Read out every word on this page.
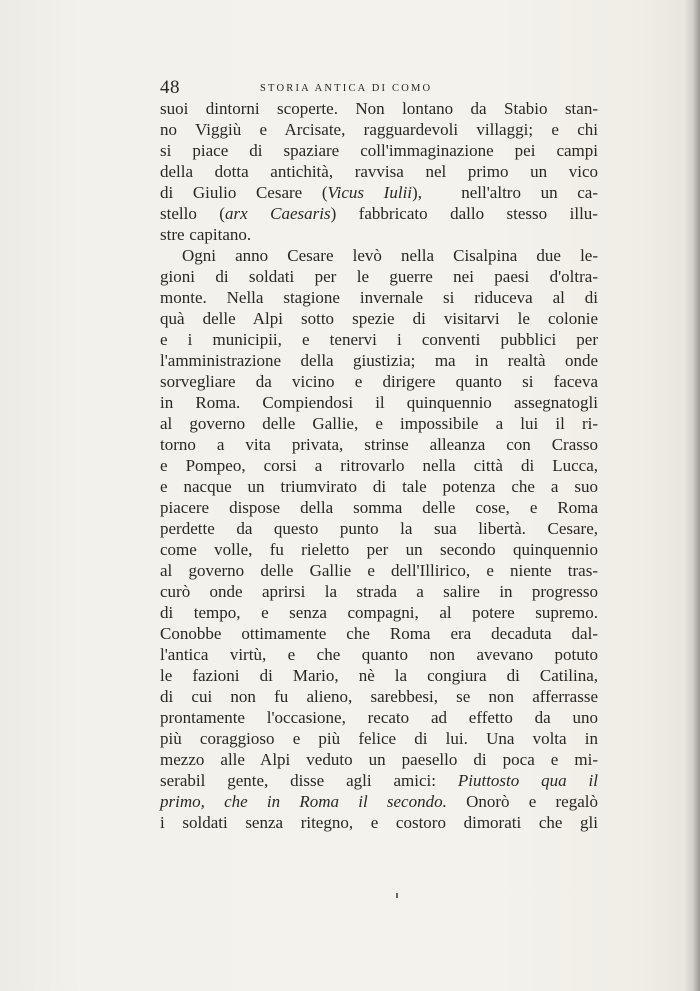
48	STORIA ANTICA DI COMO
suoi dintorni scoperte. Non lontano da Stabio stan-
no Viggiù e Arcisate, ragguardevoli villaggi; e chi
si piace di spaziare coll'immaginazione pei campi
della dotta antichità, ravvisa nel primo un vico
di Giulio Cesare (Vicus Iulii),  nell'altro un ca-
stello (arx Caesaris) fabbricato dallo stesso illu-
stre capitano.
Ogni anno Cesare levò nella Cisalpina due le-
gioni di soldati per le guerre nei paesi d'oltra-
monte. Nella stagione invernale si riduceva al di
quà delle Alpi sotto spezie di visitarvi le colonie
e i municipii, e tenervi i conventi pubblici per
l'amministrazione della giustizia; ma in realtà onde
sorvegliare da vicino e dirigere quanto si faceva
in Roma. Compiendosi il quinquennio assegnatogli
al governo delle Gallie, e impossibile a lui il ri-
torno a vita privata, strinse alleanza con Crasso
e Pompeo, corsi a ritrovarlo nella città di Lucca,
e nacque un triumvirato di tale potenza che a suo
piacere dispose della somma delle cose, e Roma
perdette da questo punto la sua libertà. Cesare,
come volle, fu rieletto per un secondo quinquennio
al governo delle Gallie e dell'Illirico, e niente tras-
curò onde aprirsi la strada a salire in progresso
di tempo, e senza compagni, al potere supremo.
Conobbe ottimamente che Roma era decaduta dal-
l'antica virtù, e che quanto non avevano potuto
le fazioni di Mario, nè la congiura di Catilina,
di cui non fu alieno, sarebbesi, se non afferrasse
prontamente l'occasione, recato ad effetto da uno
più coraggioso e più felice di lui. Una volta in
mezzo alle Alpi veduto un paesello di poca e mi-
serabil gente, disse agli amici: Piuttosto qua il
primo, che in Roma il secondo. Onorò e regalò
i soldati senza ritegno, e costoro dimorati che gli
